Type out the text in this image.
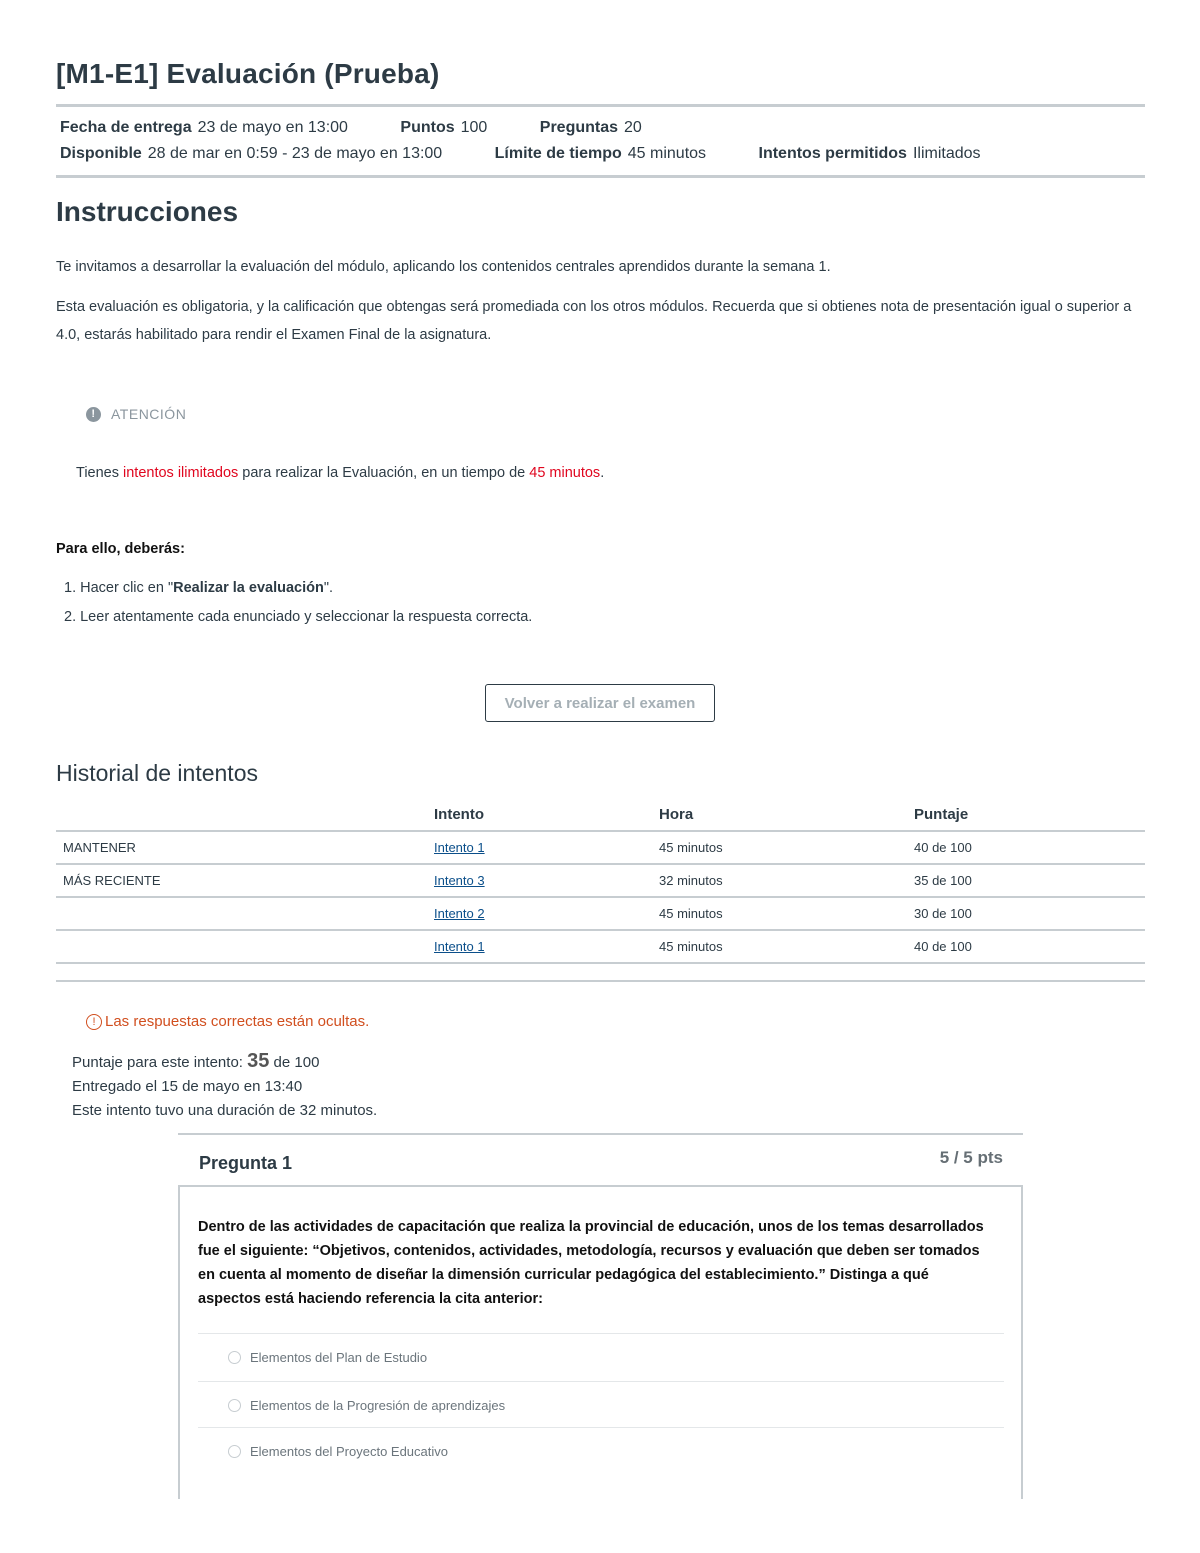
[M1-E1] Evaluación (Prueba)
Fecha de entrega 23 de mayo en 13:00	Puntos 100	Preguntas 20
Disponible 28 de mar en 0:59 - 23 de mayo en 13:00	Límite de tiempo 45 minutos	Intentos permitidos Ilimitados
Instrucciones
Te invitamos a desarrollar la evaluación del módulo, aplicando los contenidos centrales aprendidos durante la semana 1.
Esta evaluación es obligatoria, y la calificación que obtengas será promediada con los otros módulos. Recuerda que si obtienes nota de presentación igual o superior a 4.0, estarás habilitado para rendir el Examen Final de la asignatura.
!	ATENCIÓN
Tienes intentos ilimitados para realizar la Evaluación, en un tiempo de 45 minutos.
Para ello, deberás:
1. Hacer clic en "Realizar la evaluación".
2. Leer atentamente cada enunciado y seleccionar la respuesta correcta.
Volver a realizar el examen
Historial de intentos
	Intento	Hora	Puntaje
MANTENER	Intento 1	45 minutos	40 de 100
MÁS RECIENTE	Intento 3	32 minutos	35 de 100
	Intento 2	45 minutos	30 de 100
	Intento 1	45 minutos	40 de 100
! Las respuestas correctas están ocultas.
Puntaje para este intento: 35 de 100
Entregado el 15 de mayo en 13:40
Este intento tuvo una duración de 32 minutos.
Pregunta 1	5 / 5 pts
Dentro de las actividades de capacitación que realiza la provincial de educación, unos de los temas desarrollados fue el siguiente: “Objetivos, contenidos, actividades, metodología, recursos y evaluación que deben ser tomados en cuenta al momento de diseñar la dimensión curricular pedagógica del establecimiento.” Distinga a qué aspectos está haciendo referencia la cita anterior:
Elementos del Plan de Estudio
Elementos de la Progresión de aprendizajes
Elementos del Proyecto Educativo
